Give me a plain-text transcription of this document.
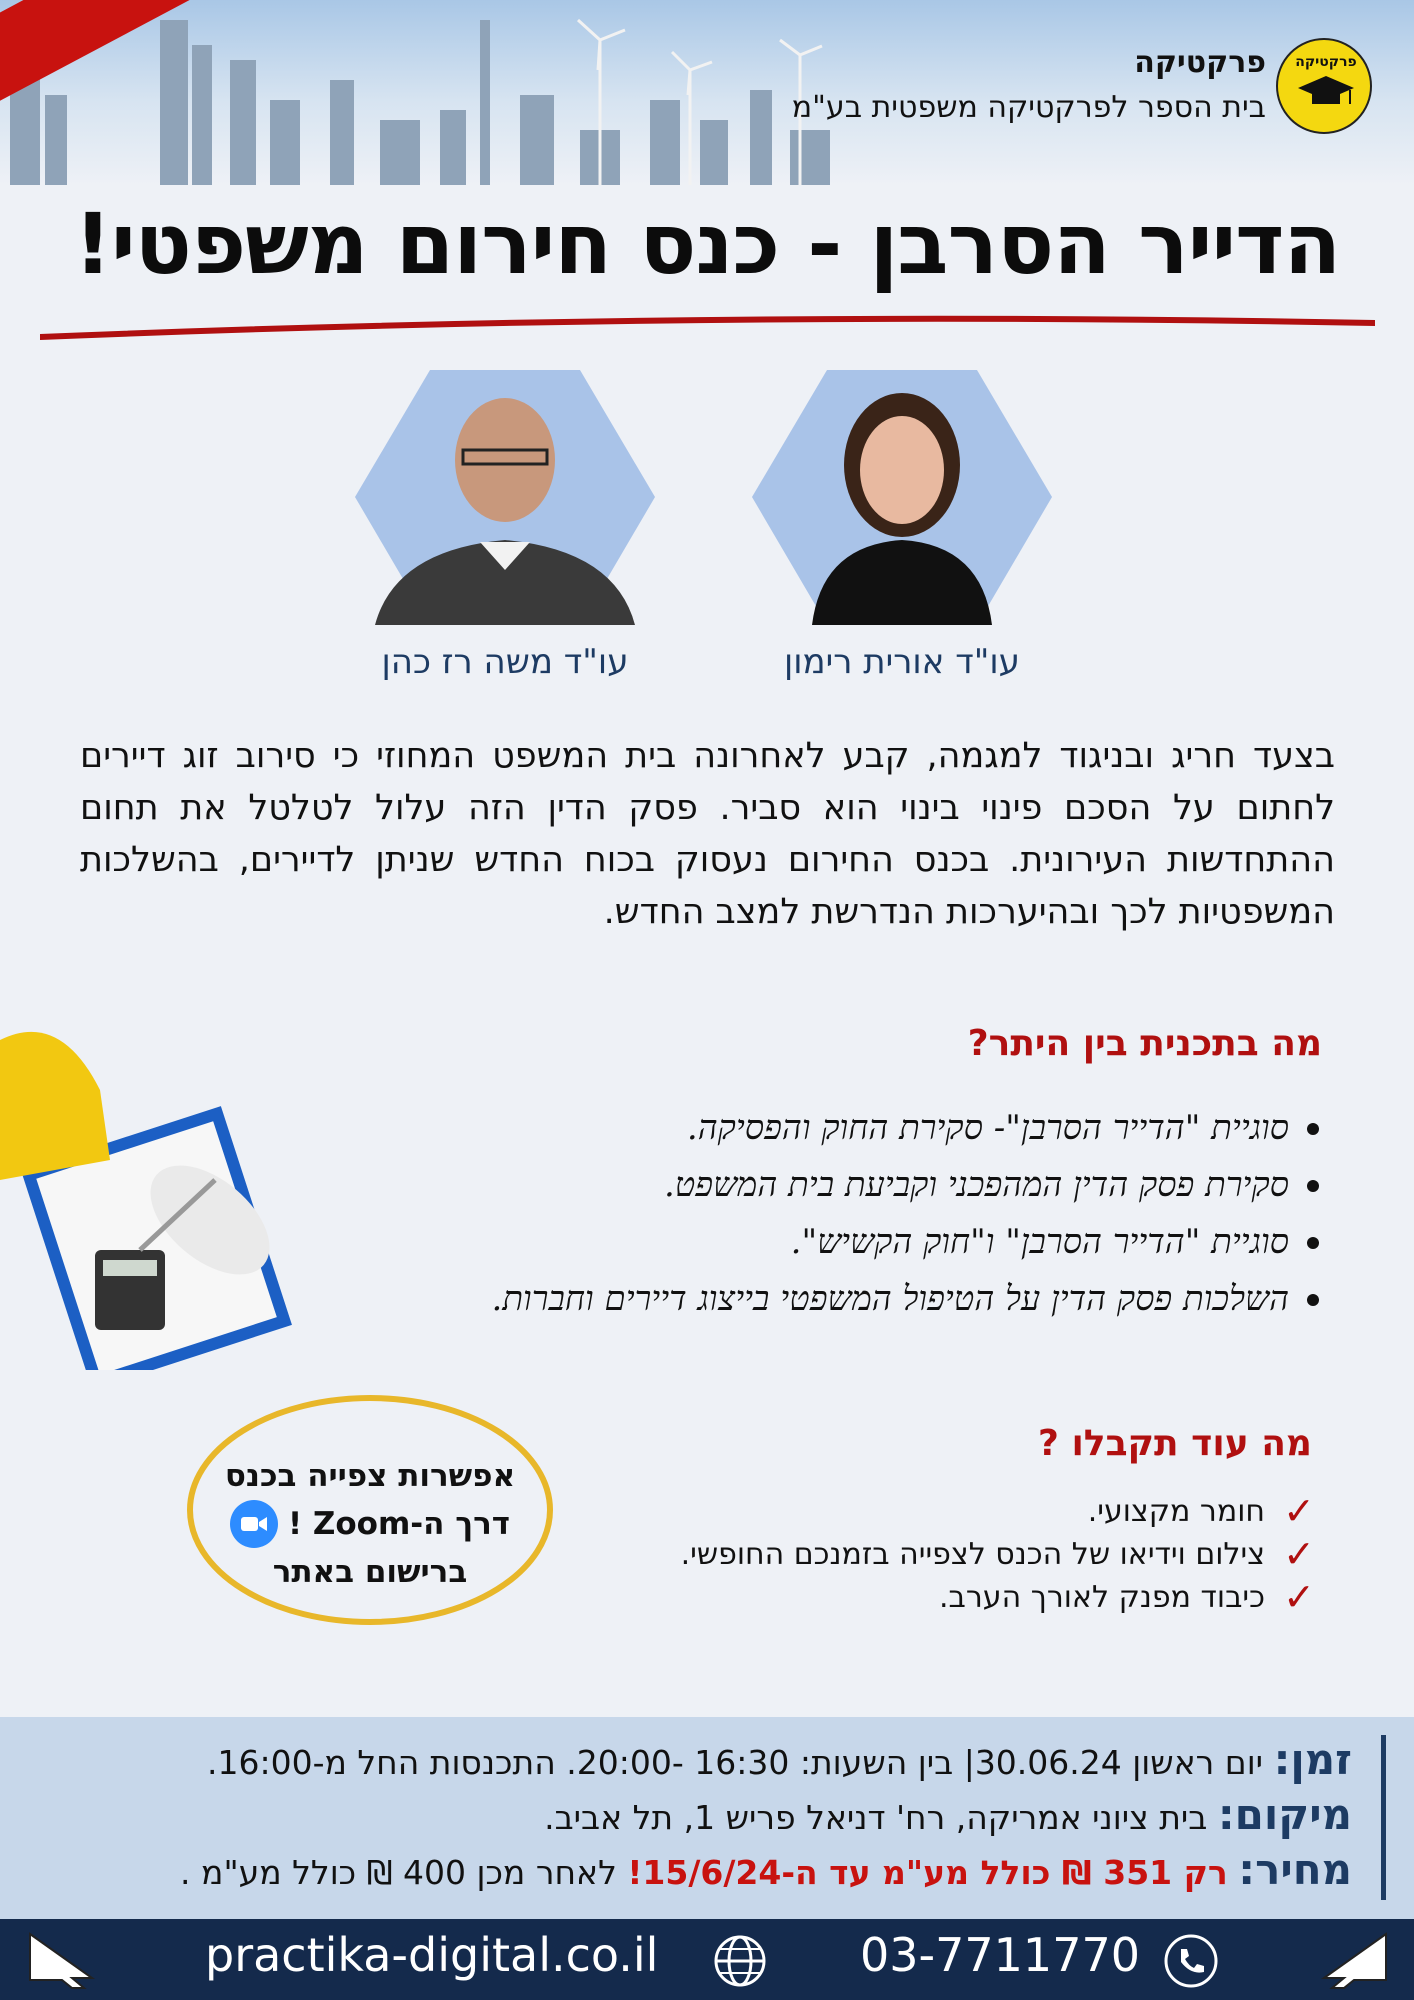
פרקטיקה
פרקטיקה
בית הספר לפרקטיקה משפטית בע"מ
הדייר הסרבן - כנס חירום משפטי!
עו"ד אורית רימון
עו"ד משה רז כהן

בצעד חריג ובניגוד למגמה, קבע לאחרונה בית המשפט המחוזי כי סירוב זוג דיירים לחתום על הסכם פינוי בינוי הוא סביר. פסק הדין הזה עלול לטלטל את תחום ההתחדשות העירונית. בכנס החירום נעסוק בכוח החדש שניתן לדיירים, בהשלכות המשפטיות לכך ובהיערכות הנדרשת למצב החדש.

מה בתכנית בין היתר?
סוגיית "הדייר הסרבן"- סקירת החוק והפסיקה.
סקירת פסק הדין המהפכני וקביעת בית המשפט.
סוגיית "הדייר הסרבן" ו"חוק הקשיש".
השלכות פסק הדין על הטיפול המשפטי בייצוג דיירים וחברות.
אפשרות צפייה בכנס
דרך ה-Zoom !
ברישום באתר
מה עוד תקבלו ?
✓
חומר מקצועי.
✓
צילום וידיאו של הכנס לצפייה בזמנכם החופשי.
✓
כיבוד מפנק לאורך הערב.
זמן: יום ראשון 30.06.24| בין השעות: 16:30 -20:00. התכנסות החל מ-16:00.
מיקום: בית ציוני אמריקה, רח' דניאל פריש 1, תל אביב.
מחיר: רק 351 ₪ כולל מע"מ עד ה-15/6/24! לאחר מכן 400 ₪ כולל מע"מ .
practika-digital.co.il	03-7711770
